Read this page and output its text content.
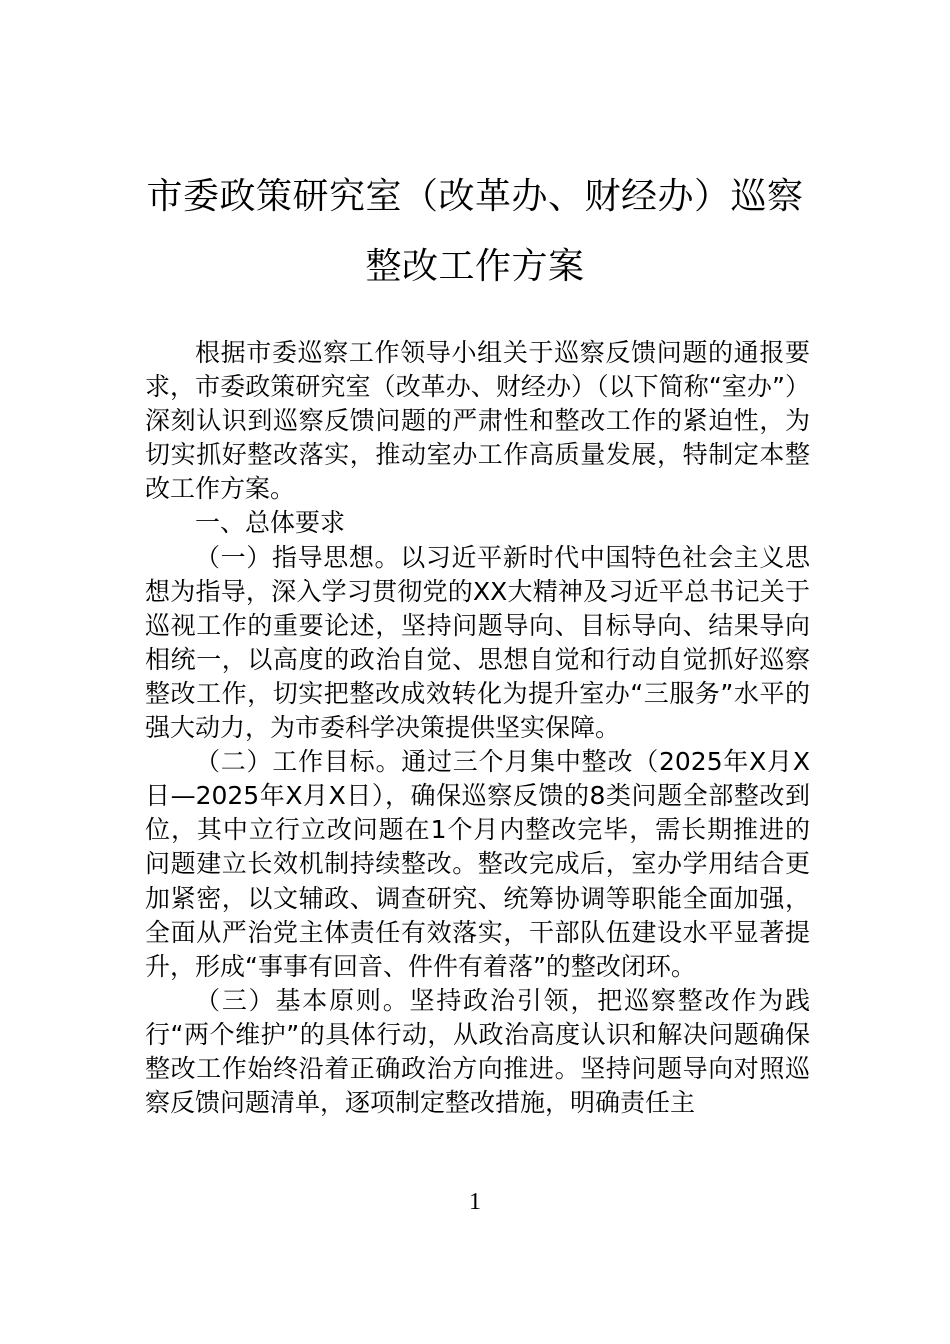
市委政策研究室（改革办、财经办）巡察
整改工作方案

根据市委巡察工作领导小组关于巡察反馈问题的通报要求，市委政策研究室（改革办、财经办）（以下简称“室办”）深刻认识到巡察反馈问题的严肃性和整改工作的紧迫性，为切实抓好整改落实，推动室办工作高质量发展，特制定本整改工作方案。

一、总体要求

（一）指导思想。以习近平新时代中国特色社会主义思想为指导，深入学习贯彻党的XX大精神及习近平总书记关于巡视工作的重要论述，坚持问题导向、目标导向、结果导向相统一，以高度的政治自觉、思想自觉和行动自觉抓好巡察整改工作，切实把整改成效转化为提升室办“三服务”水平的强大动力，为市委科学决策提供坚实保障。

（二）工作目标。通过三个月集中整改（2025年X月X日—2025年X月X日），确保巡察反馈的8类问题全部整改到位，其中立行立改问题在1个月内整改完毕，需长期推进的问题建立长效机制持续整改。整改完成后，室办学用结合更加紧密，以文辅政、调查研究、统筹协调等职能全面加强，全面从严治党主体责任有效落实，干部队伍建设水平显著提升，形成“事事有回音、件件有着落”的整改闭环。

（三）基本原则。坚持政治引领，把巡察整改作为践行“两个维护”的具体行动，从政治高度认识和解决问题确保整改工作始终沿着正确政治方向推进。坚持问题导向对照巡察反馈问题清单，逐项制定整改措施，明确责任主

1
